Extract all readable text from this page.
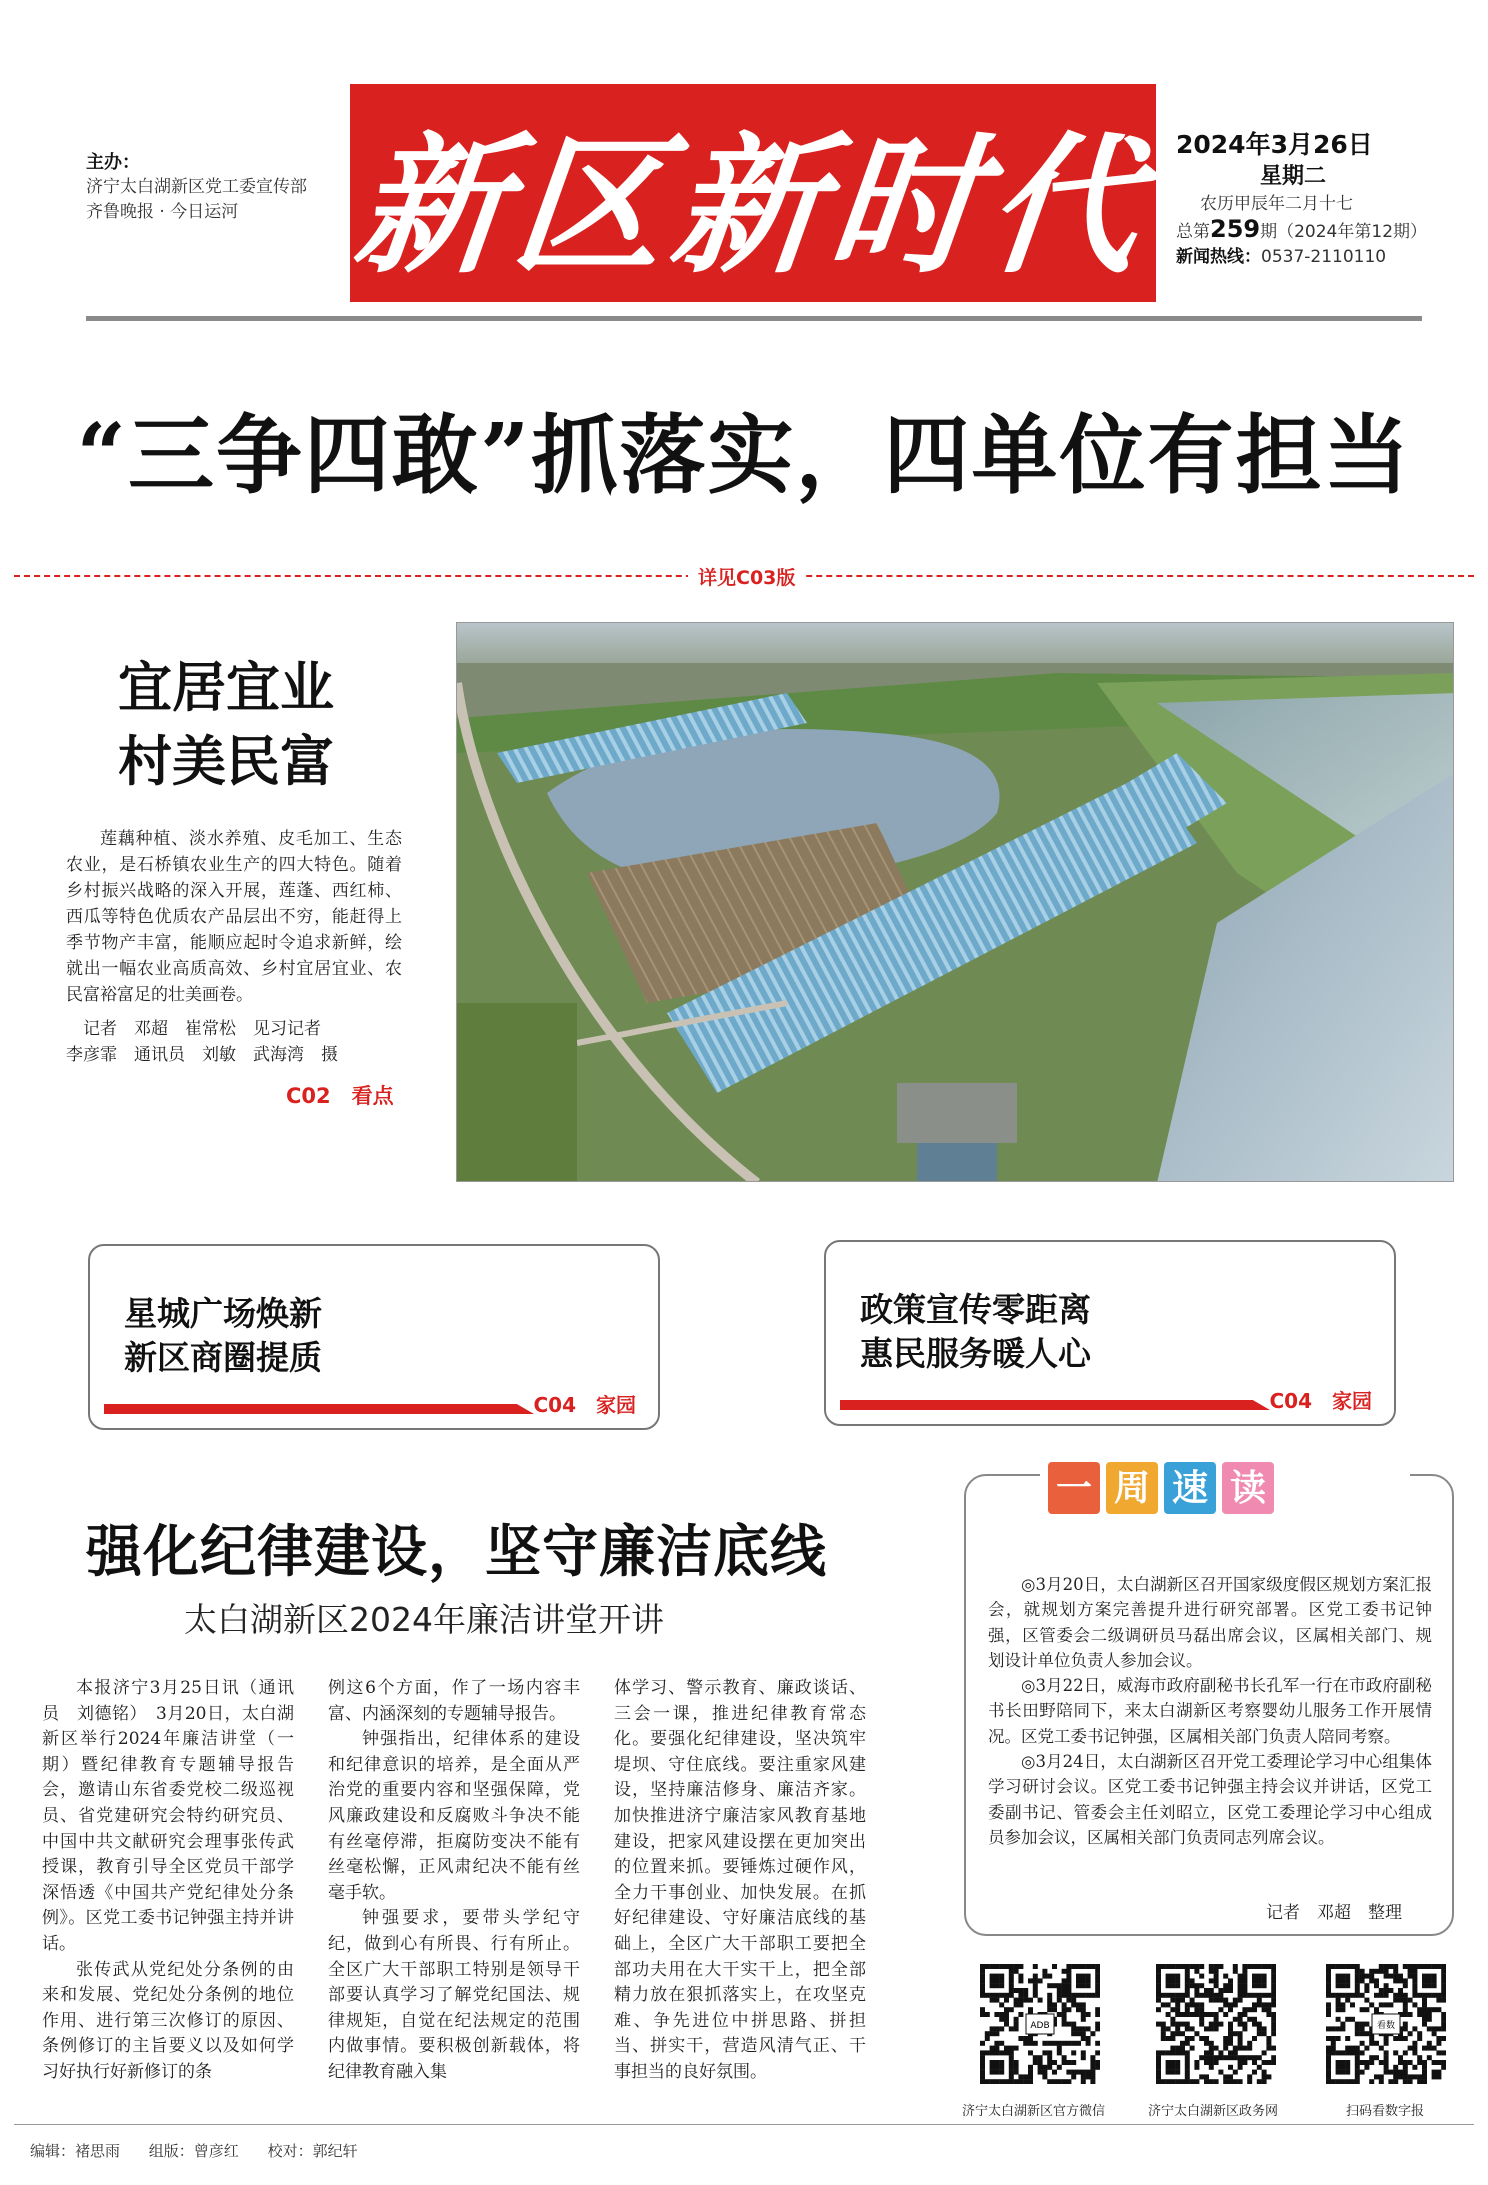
主办：
济宁太白湖新区党工委宣传部
齐鲁晚报 · 今日运河 新区新时代 2024年3月26日
星期二
农历甲辰年二月十七
总第259期（2024年第12期）
新闻热线：0537-2110110
“三争四敢”抓落实，四单位有担当
详见C03版
宜居宜业
村美民富
莲藕种植、淡水养殖、皮毛加工、生态农业，是石桥镇农业生产的四大特色。随着乡村振兴战略的深入开展，莲蓬、西红柿、西瓜等特色优质农产品层出不穷，能赶得上季节物产丰富，能顺应起时令追求新鲜，绘就出一幅农业高质高效、乡村宜居宜业、农民富裕富足的壮美画卷。
记者　邓超　崔常松　见习记者
李彦霏　通讯员　刘敏　武海湾　摄
C02　看点
星城广场焕新
新区商圈提质
C04　家园
政策宣传零距离
惠民服务暖人心
C04　家园
强化纪律建设，坚守廉洁底线
太白湖新区2024年廉洁讲堂开讲

本报济宁3月25日讯（通讯员　刘德铭）　3月20日，太白湖新区举行2024年廉洁讲堂（一期）暨纪律教育专题辅导报告会，邀请山东省委党校二级巡视员、省党建研究会特约研究员、中国中共文献研究会理事张传武授课，教育引导全区党员干部学深悟透《中国共产党纪律处分条例》。区党工委书记钟强主持并讲话。

张传武从党纪处分条例的由来和发展、党纪处分条例的地位作用、进行第三次修订的原因、条例修订的主旨要义以及如何学习好执行好新修订的条

例这6个方面，作了一场内容丰富、内涵深刻的专题辅导报告。

钟强指出，纪律体系的建设和纪律意识的培养，是全面从严治党的重要内容和坚强保障，党风廉政建设和反腐败斗争决不能有丝毫停滞，拒腐防变决不能有丝毫松懈，正风肃纪决不能有丝毫手软。

钟强要求，要带头学纪守纪，做到心有所畏、行有所止。全区广大干部职工特别是领导干部要认真学习了解党纪国法、规律规矩，自觉在纪法规定的范围内做事情。要积极创新载体，将纪律教育融入集

体学习、警示教育、廉政谈话、三会一课，推进纪律教育常态化。要强化纪律建设，坚决筑牢堤坝、守住底线。要注重家风建设，坚持廉洁修身、廉洁齐家。加快推进济宁廉洁家风教育基地建设，把家风建设摆在更加突出的位置来抓。要锤炼过硬作风，全力干事创业、加快发展。在抓好纪律建设、守好廉洁底线的基础上，全区广大干部职工要把全部功夫用在大干实干上，把全部精力放在狠抓落实上，在攻坚克难、争先进位中拼思路、拼担当、拼实干，营造风清气正、干事担当的良好氛围。

一 周 速 读

◎3月20日，太白湖新区召开国家级度假区规划方案汇报会，就规划方案完善提升进行研究部署。区党工委书记钟强，区管委会二级调研员马磊出席会议，区属相关部门、规划设计单位负责人参加会议。

◎3月22日，威海市政府副秘书长孔军一行在市政府副秘书长田野陪同下，来太白湖新区考察婴幼儿服务工作开展情况。区党工委书记钟强，区属相关部门负责人陪同考察。

◎3月24日，太白湖新区召开党工委理论学习中心组集体学习研讨会议。区党工委书记钟强主持会议并讲话，区党工委副书记、管委会主任刘昭立，区党工委理论学习中心组成员参加会议，区属相关部门负责同志列席会议。

记者　邓超　整理
ADB
济宁太白湖新区官方微信	济宁太白湖新区政务网
看数
扫码看数字报
编辑：褚思雨 组版：曾彦红 校对：郭纪轩
